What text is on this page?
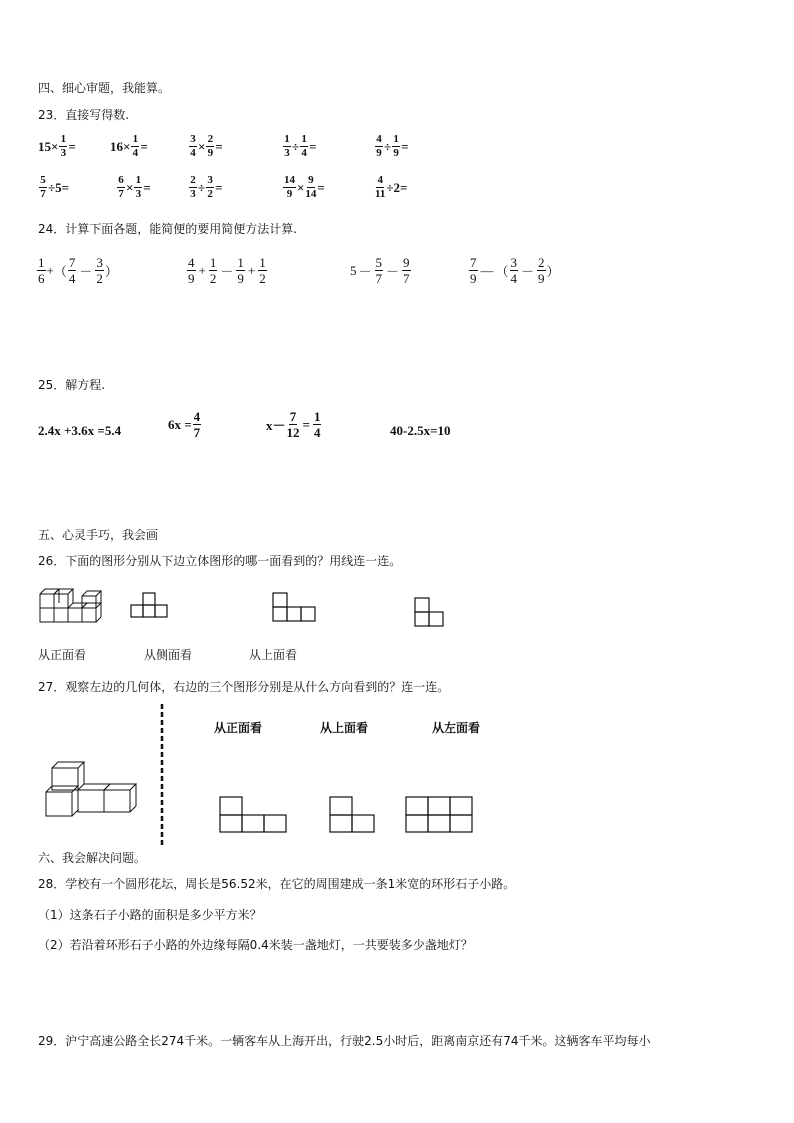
四、细心审题，我能算。
23．直接写得数.
$15 \times \frac{1}{3}$ =	$16 \times \frac{1}{4}$ =	$\frac{3}{4} \times \frac{2}{9}$ =	$\frac{1}{3} \div \frac{1}{4}$ =	$\frac{4}{9} \div \frac{1}{9}$ =
$\frac{5}{7} \div 5$ =	$\frac{6}{7} \times \frac{1}{3}$ =	$\frac{2}{3} \div \frac{3}{2}$ =	$\frac{14}{9} \times \frac{9}{14}$ =	$\frac{4}{11} \div 2$ =
24．计算下面各题，能简便的要用简便方法计算.
$\frac{1}{6}$ + （ $\frac{7}{4} - \frac{3}{2}$ ）	$\frac{4}{9} + \frac{1}{2} - \frac{1}{9} + \frac{1}{2}$	$5 - \frac{5}{7} - \frac{9}{7}$	$\frac{7}{9}$ — （ $\frac{3}{4} - \frac{2}{9}$ ）
25．解方程.
2.4x +3.6x =5.4	$6x = \frac{4}{7}$	$x- \frac{7}{12} = \frac{1}{4}$	40-2.5x=10
五、心灵手巧，我会画
26．下面的图形分别从下边立体图形的哪一面看到的？用线连一连。
从正面看	从侧面看	从上面看
27．观察左边的几何体，右边的三个图形分别是从什么方向看到的？连一连。
从正面看	从上面看	从左面看
六、我会解决问题。
28．学校有一个圆形花坛，周长是56.52米，在它的周围建成一条1米宽的环形石子小路。
（1）这条石子小路的面积是多少平方米？
（2）若沿着环形石子小路的外边缘每隔0.4米装一盏地灯，一共要装多少盏地灯？
29．沪宁高速公路全长274千米。一辆客车从上海开出，行驶2.5小时后，距离南京还有74千米。这辆客车平均每小
